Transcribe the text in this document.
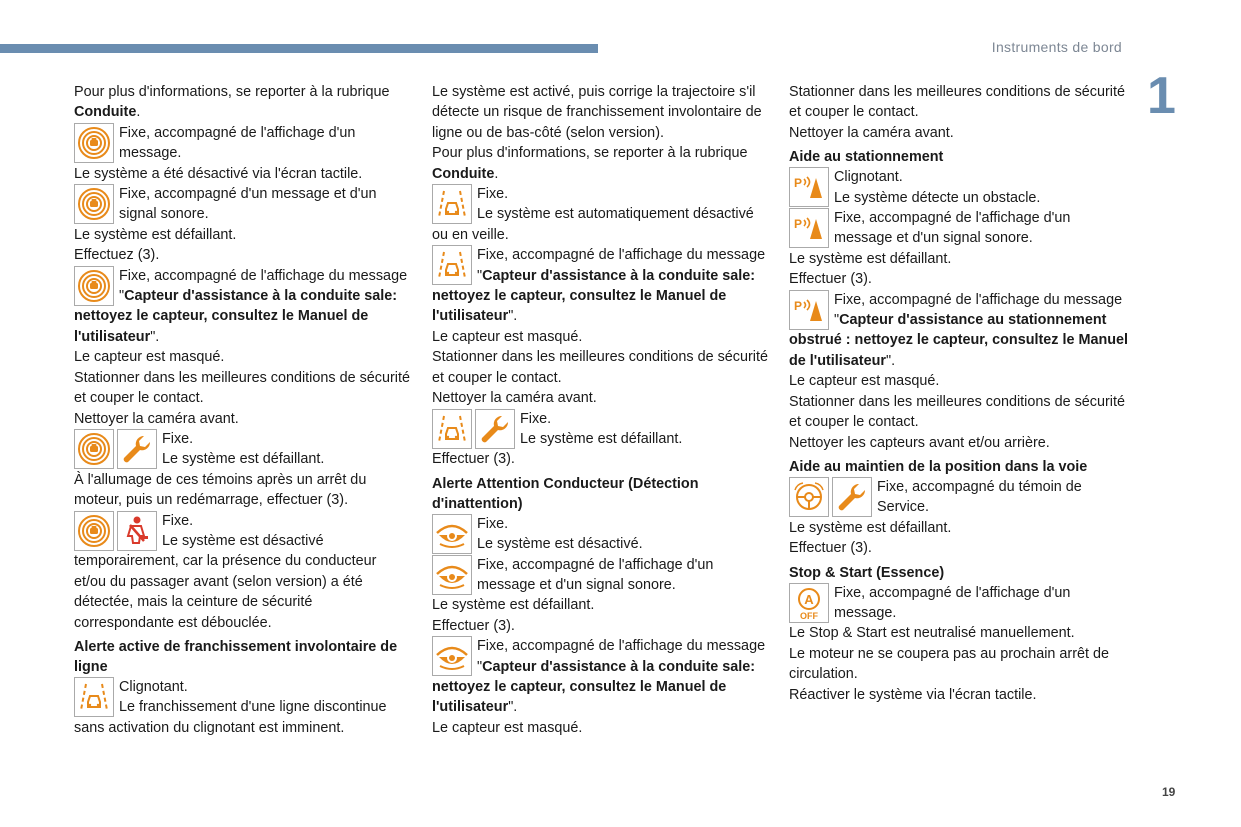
Instruments de bord
1
19

Pour plus d'informations, se reporter à la rubrique Conduite.

Fixe, accompagné de l'affichage d'un message.

Le système a été désactivé via l'écran tactile.

Fixe, accompagné d'un message et d'un signal sonore.

Le système est défaillant.

Effectuez (3).

Fixe, accompagné de l'affichage du message "Capteur d'assistance à la conduite sale: nettoyez le capteur, consultez le Manuel de l'utilisateur".

Le capteur est masqué.

Stationner dans les meilleures conditions de sécurité et couper le contact.

Nettoyer la caméra avant.

Fixe.
Le système est défaillant.

À l'allumage de ces témoins après un arrêt du moteur, puis un redémarrage, effectuer (3).

Fixe.
Le système est désactivé temporairement, car la présence du conducteur et/ou du passager avant (selon version) a été détectée, mais la ceinture de sécurité correspondante est débouclée.

Alerte active de franchissement involontaire de ligne

Clignotant.
Le franchissement d'une ligne discontinue sans activation du clignotant est imminent.

Le système est activé, puis corrige la trajectoire s'il détecte un risque de franchissement involontaire de ligne ou de bas-côté (selon version).

Pour plus d'informations, se reporter à la rubrique Conduite.

Fixe.
Le système est automatiquement désactivé ou en veille.
Fixe, accompagné de l'affichage du message "Capteur d'assistance à la conduite sale: nettoyez le capteur, consultez le Manuel de l'utilisateur".

Le capteur est masqué.

Stationner dans les meilleures conditions de sécurité et couper le contact.

Nettoyer la caméra avant.

Fixe.
Le système est défaillant.

Effectuer (3).

Alerte Attention Conducteur (Détection d'inattention)

Fixe.
Le système est désactivé.
Fixe, accompagné de l'affichage d'un message et d'un signal sonore.

Le système est défaillant.

Effectuer (3).

Fixe, accompagné de l'affichage du message "Capteur d'assistance à la conduite sale: nettoyez le capteur, consultez le Manuel de l'utilisateur".

Le capteur est masqué.

Stationner dans les meilleures conditions de sécurité et couper le contact.

Nettoyer la caméra avant.

Aide au stationnement

Clignotant.
Le système détecte un obstacle.
Fixe, accompagné de l'affichage d'un message et d'un signal sonore.

Le système est défaillant.

Effectuer (3).

Fixe, accompagné de l'affichage du message "Capteur d'assistance au stationnement obstrué : nettoyez le capteur, consultez le Manuel de l'utilisateur".

Le capteur est masqué.

Stationner dans les meilleures conditions de sécurité et couper le contact.

Nettoyer les capteurs avant et/ou arrière.

Aide au maintien de la position dans la voie

Fixe, accompagné du témoin de Service.

Le système est défaillant.

Effectuer (3).

Stop & Start (Essence)

A
OFF
Fixe, accompagné de l'affichage d'un message.

Le Stop & Start est neutralisé manuellement.

Le moteur ne se coupera pas au prochain arrêt de circulation.

Réactiver le système via l'écran tactile.
